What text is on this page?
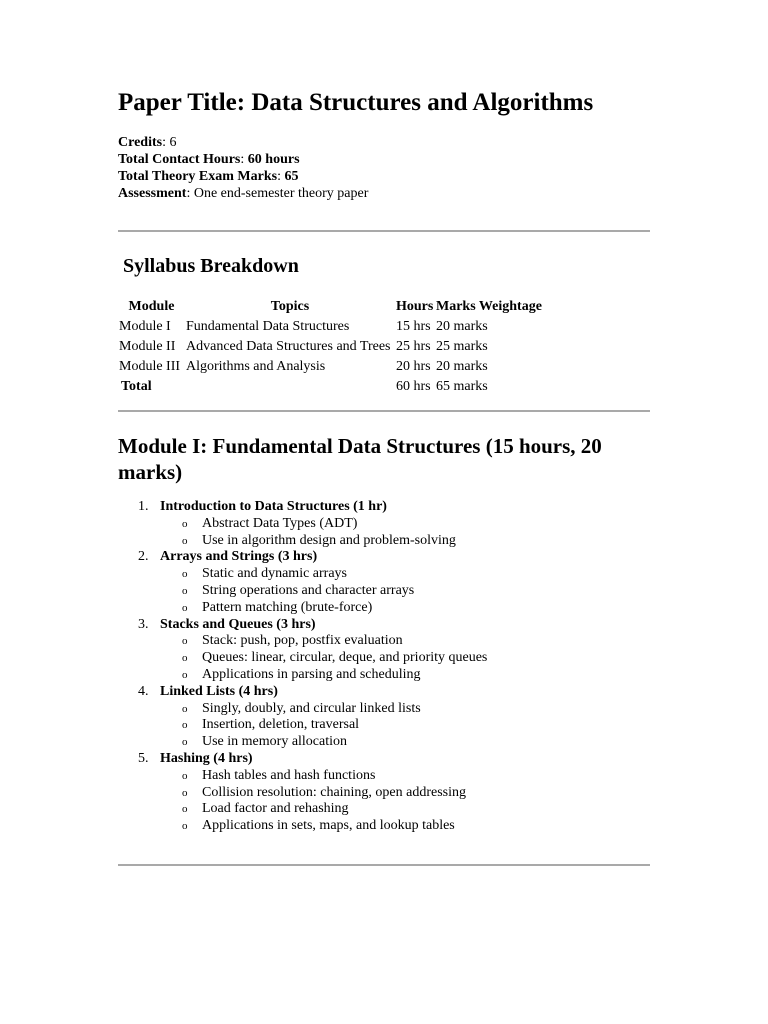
Paper Title: Data Structures and Algorithms
Credits: 6
Total Contact Hours: 60 hours
Total Theory Exam Marks: 65
Assessment: One end-semester theory paper
Syllabus Breakdown
Module	Topics	Hours	Marks Weightage
Module I	Fundamental Data Structures	15 hrs	20 marks
Module II	Advanced Data Structures and Trees	25 hrs	25 marks
Module III	Algorithms and Analysis	20 hrs	20 marks
Total		60 hrs	65 marks
Module I: Fundamental Data Structures (15 hours, 20 marks)
1. Introduction to Data Structures (1 hr)
o Abstract Data Types (ADT)
o Use in algorithm design and problem-solving
2. Arrays and Strings (3 hrs)
o Static and dynamic arrays
o String operations and character arrays
o Pattern matching (brute-force)
3. Stacks and Queues (3 hrs)
o Stack: push, pop, postfix evaluation
o Queues: linear, circular, deque, and priority queues
o Applications in parsing and scheduling
4. Linked Lists (4 hrs)
o Singly, doubly, and circular linked lists
o Insertion, deletion, traversal
o Use in memory allocation
5. Hashing (4 hrs)
o Hash tables and hash functions
o Collision resolution: chaining, open addressing
o Load factor and rehashing
o Applications in sets, maps, and lookup tables
